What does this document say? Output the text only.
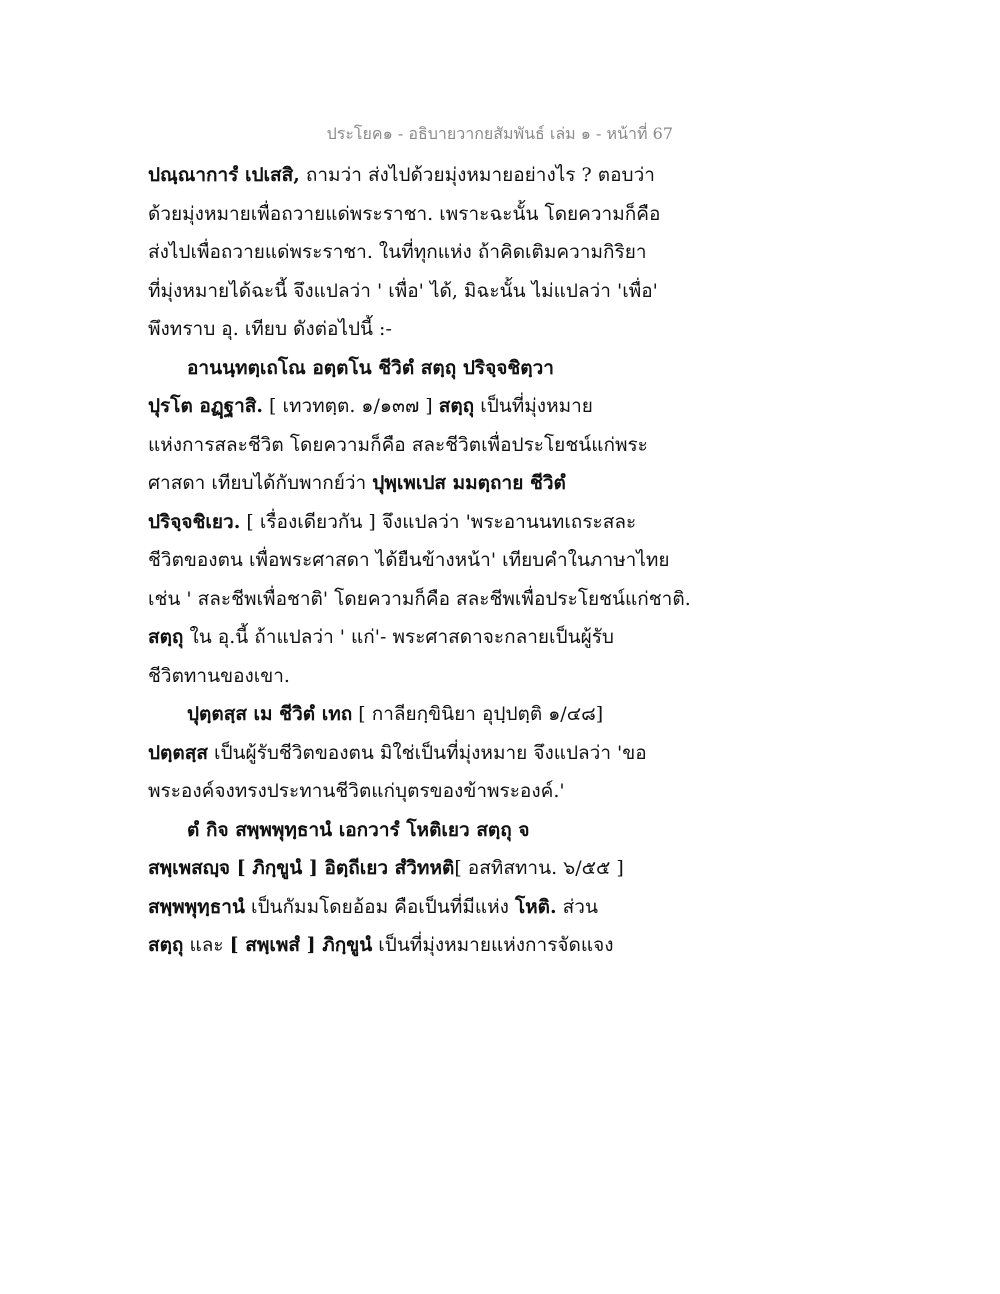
ประโยค๑ - อธิบายวากยสัมพันธ์ เล่ม ๑ - หน้าที่ 67
ปณฺณาการํ เปเสสิ, ถามว่า ส่งไปด้วยมุ่งหมายอย่างไร ? ตอบว่า
ด้วยมุ่งหมายเพื่อถวายแด่พระราชา. เพราะฉะนั้น โดยความก็คือ
ส่งไปเพื่อถวายแด่พระราชา. ในที่ทุกแห่ง ถ้าคิดเติมความกิริยา
ที่มุ่งหมายได้ฉะนี้ จึงแปลว่า ' เพื่อ' ได้, มิฉะนั้น ไม่แปลว่า 'เพื่อ'
พึงทราบ อุ. เทียบ ดังต่อไปนี้ :-
อานนฺทตฺเถโณ อตฺตโน ชีวิตํ สตฺถุ ปริจฺจชิตฺวา
ปุรโต อฏฺฐาสิ. [ เทวทตฺต. ๑/๑๓๗ ] สตฺถุ เป็นที่มุ่งหมาย
แห่งการสละชีวิต โดยความก็คือ สละชีวิตเพื่อประโยชน์แก่พระ
ศาสดา เทียบได้กับพากย์ว่า ปุพฺเพเปส มมตฺถาย ชีวิตํ
ปริจฺจชิเยว. [ เรื่องเดียวกัน ] จึงแปลว่า 'พระอานนทเถระสละ
ชีวิตของตน เพื่อพระศาสดา ได้ยืนข้างหน้า' เทียบคำในภาษาไทย
เช่น ' สละชีพเพื่อชาติ' โดยความก็คือ สละชีพเพื่อประโยชน์แก่ชาติ.
สตฺถุ ใน อุ.นี้ ถ้าแปลว่า ' แก่'- พระศาสดาจะกลายเป็นผู้รับ
ชีวิตทานของเขา.
ปุตฺตสฺส เม ชีวิตํ เทถ [ กาลียกฺขินิยา อุปฺปตฺติ ๑/๔๘]
ปตฺตสฺส เป็นผู้รับชีวิตของตน มิใช่เป็นที่มุ่งหมาย จึงแปลว่า 'ขอ
พระองค์จงทรงประทานชีวิตแก่บุตรของข้าพระองค์.'
ตํ กิจ สพฺพพุทฺธานํ เอกวารํ โหติเยว สตฺถุ จ
สพฺเพสญฺจ [ ภิกฺขูนํ ] อิตฺถีเยว สํวิทหติ[ อสทิสทาน. ๖/๕๕ ]
สพฺพพุทฺธานํ เป็นกัมมโดยอ้อม คือเป็นที่มีแห่ง โหติ. ส่วน
สตฺถุ และ [ สพฺเพสํ ] ภิกฺขูนํ เป็นที่มุ่งหมายแห่งการจัดแจง
